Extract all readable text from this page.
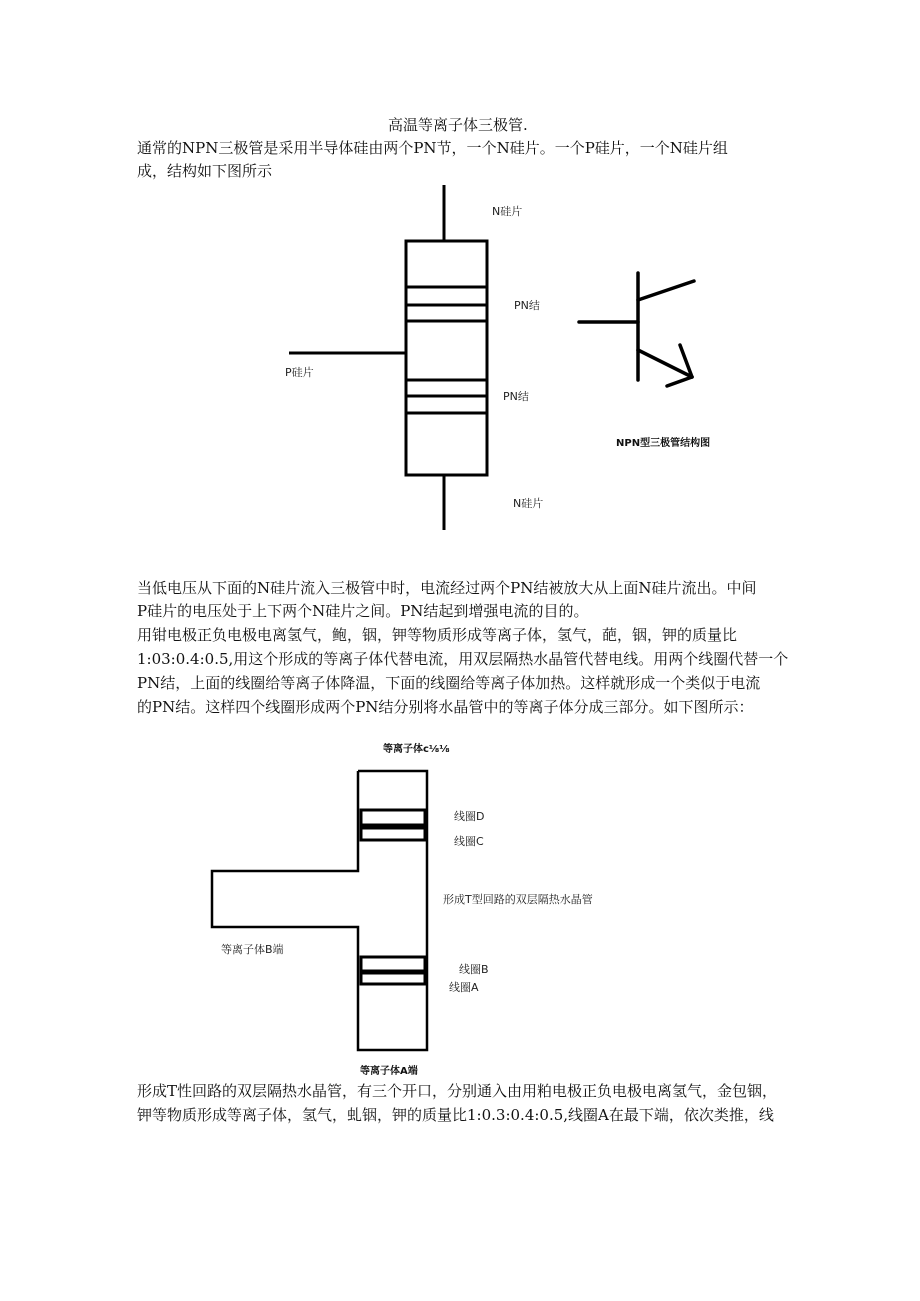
高温等离子体三极管.
通常的NPN三极管是采用半导体硅由两个PN节，一个N硅片。一个P硅片，一个N硅片组
成，结构如下图所示
N硅片
PN结
P硅片
PN结
N硅片
NPN型三极管结构图
当低电压从下面的N硅片流入三极管中时，电流经过两个PN结被放大从上面N硅片流出。中间
P硅片的电压处于上下两个N硅片之间。PN结起到增强电流的目的。
用钳电极正负电极电离氢气，鲍，铟，钾等物质形成等离子体，氢气，葩，铟，钾的质量比
1:03:0.4:0.5,用这个形成的等离子体代替电流，用双层隔热水晶管代替电线。用两个线圈代替一个
PN结，上面的线圈给等离子体降温，下面的线圈给等离子体加热。这样就形成一个类似于电流
的PN结。这样四个线圈形成两个PN结分别将水晶管中的等离子体分成三部分。如下图所示：
等离子体c⅛⅛
线圈D
线圈C
形成T型回路的双层隔热水晶管
等离子体B端
线圈B
线圈A
等离子体A端
形成T性回路的双层隔热水晶管，有三个开口，分别通入由用粕电极正负电极电离氢气，金包铟，
钾等物质形成等离子体，氢气，虬铟，钾的质量比1:0.3:0.4:0.5,线圈A在最下端，依次类推，线
